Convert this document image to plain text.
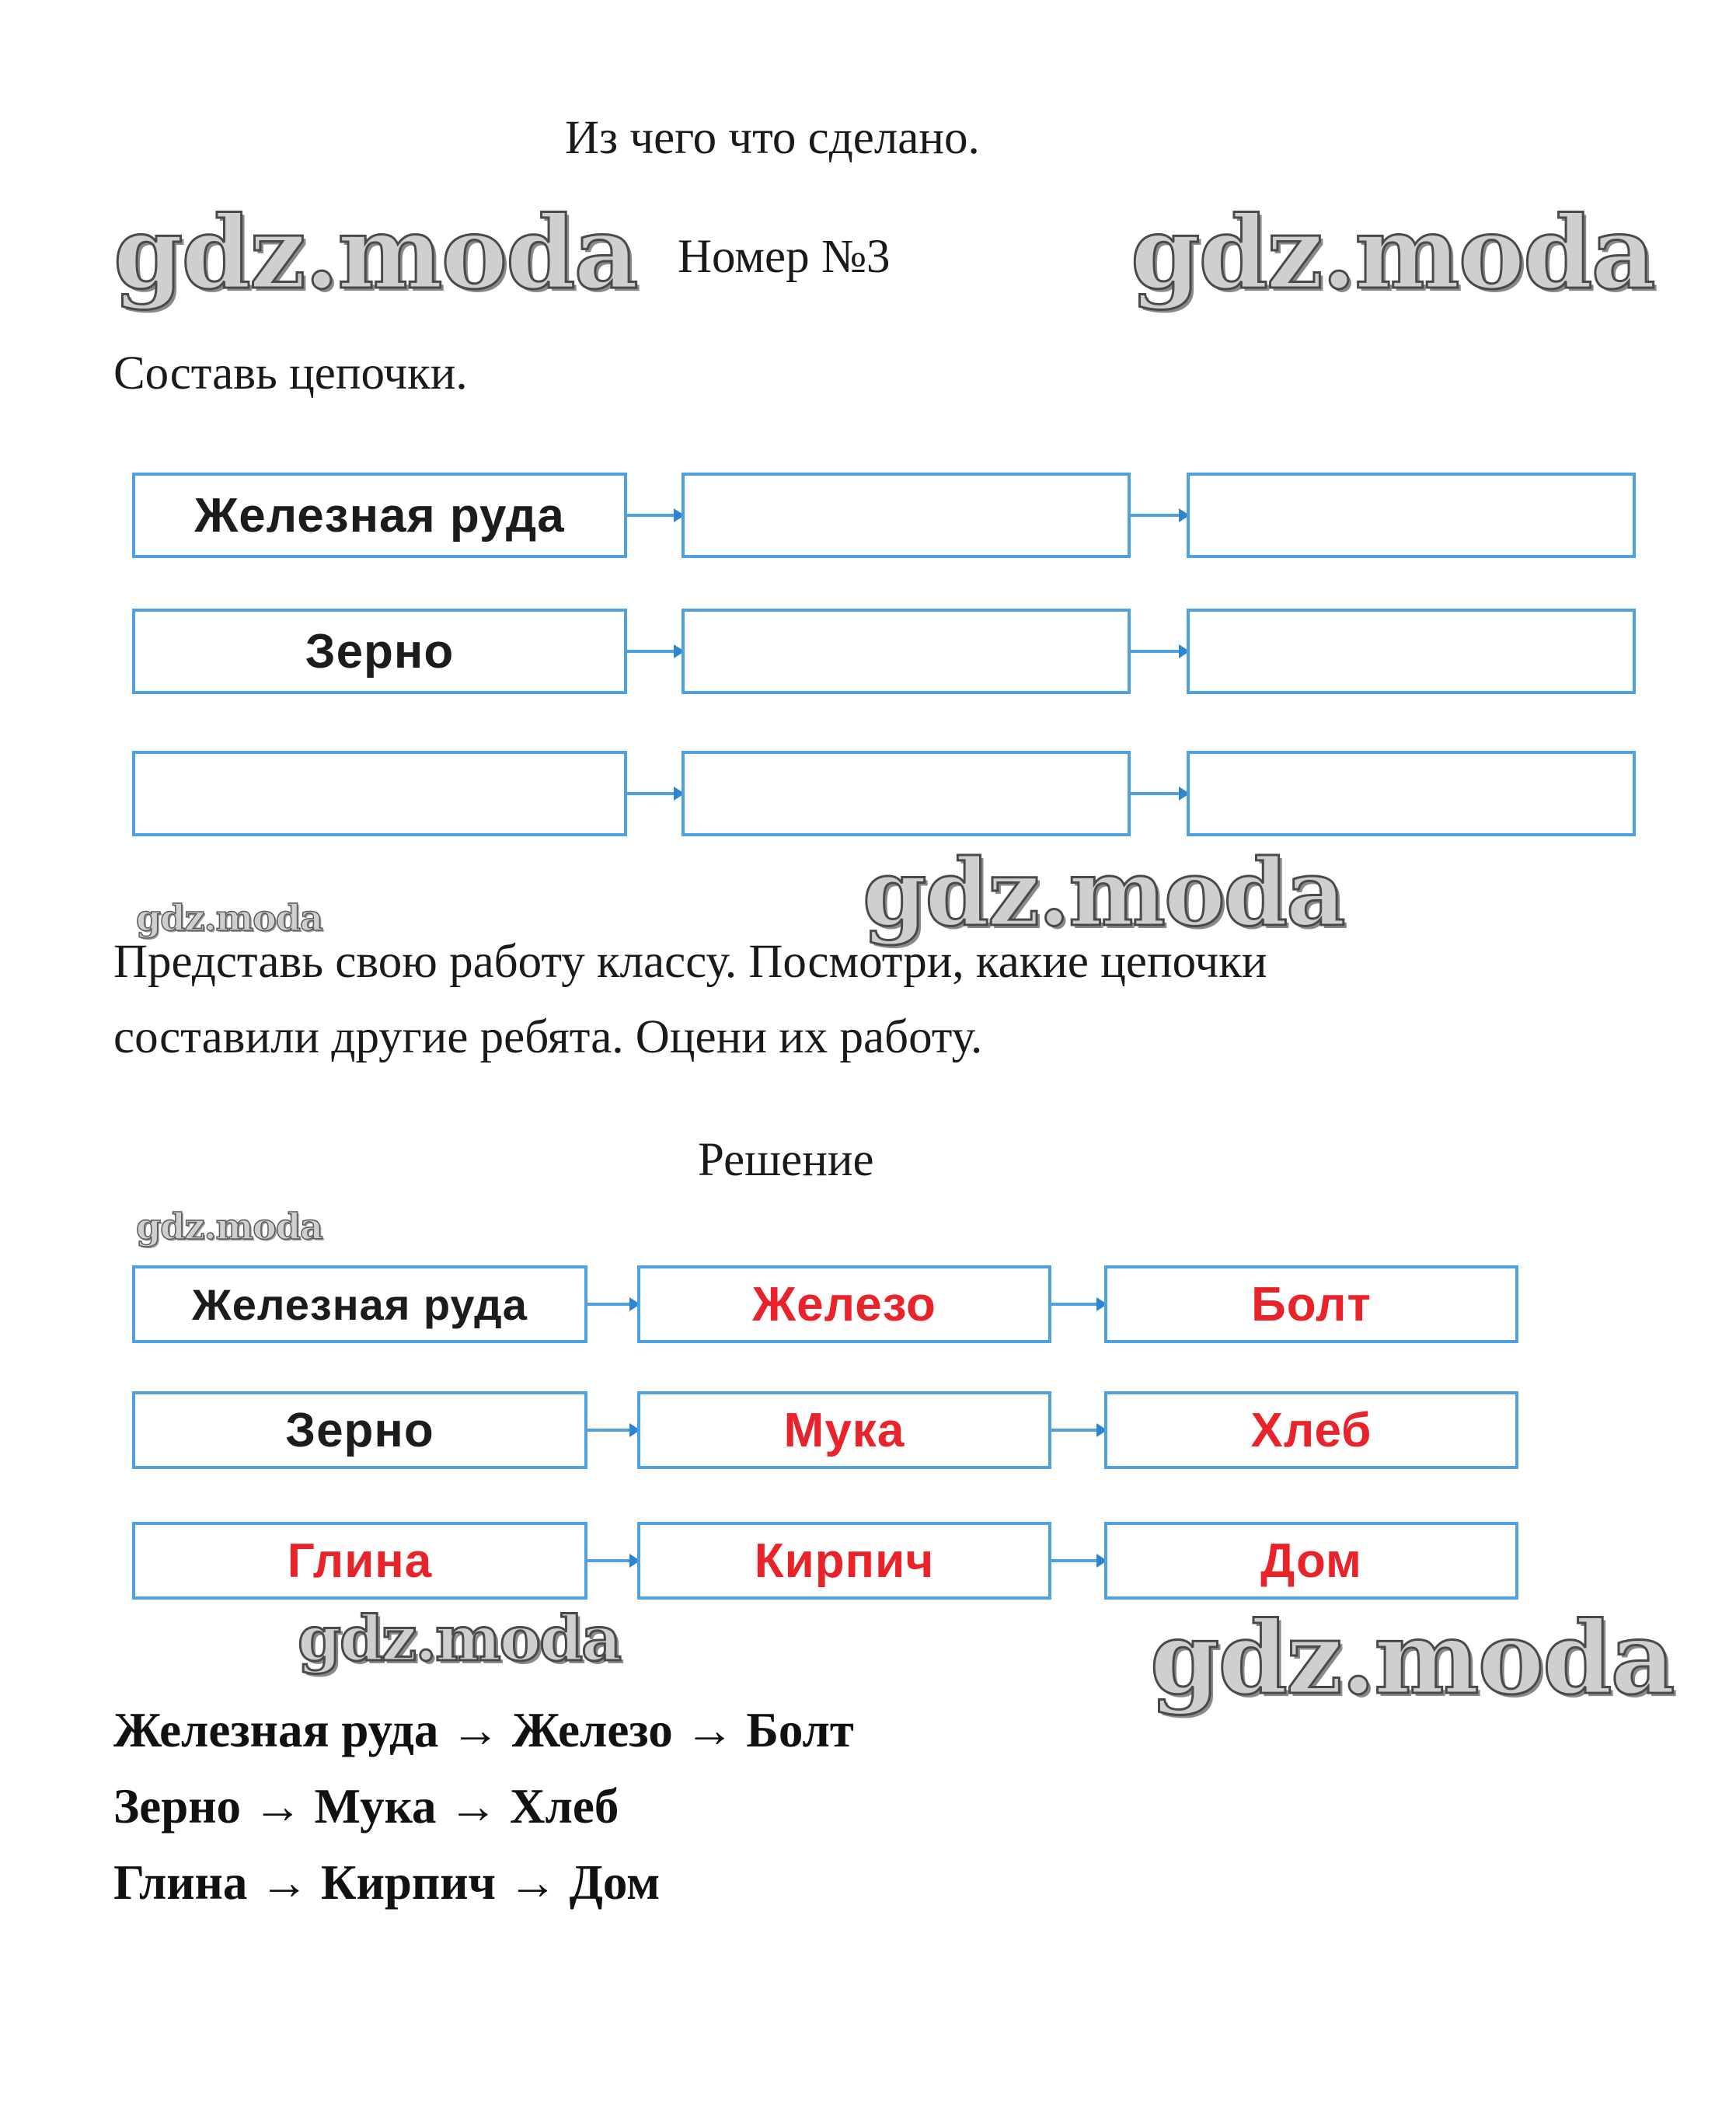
Из чего что сделано.
Номер №3
gdz.moda	gdz.moda
gdz.moda	gdz.moda
gdz.moda
gdz.moda	gdz.moda
Составь цепочки.
Железная руда
Зерно
Представь свою работу классу. Посмотри, какие цепочки
составили другие ребята. Оцени их работу.
Решение
Железная руда	Железо	Болт
Зерно	Мука	Хлеб
Глина	Кирпич	Дом
Железная руда → Железо → Болт
Зерно → Мука → Хлеб
Глина → Кирпич → Дом
